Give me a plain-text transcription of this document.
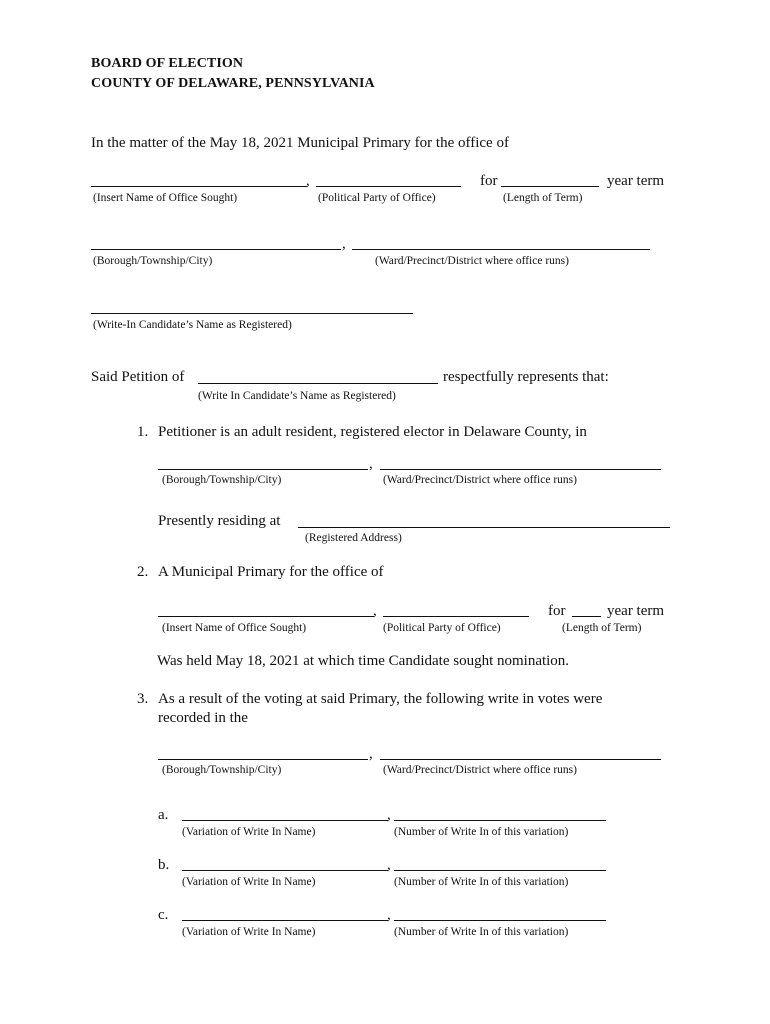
BOARD OF ELECTION
COUNTY OF DELAWARE, PENNSYLVANIA
In the matter of the May 18, 2021 Municipal Primary for the office of
,	for	year term
(Insert Name of Office Sought)	(Political Party of Office)	(Length of Term)
,
(Borough/Township/City)	(Ward/Precinct/District where office runs)
(Write-In Candidate’s Name as Registered)
Said Petition of	respectfully represents that:
(Write In Candidate’s Name as Registered)
1. Petitioner is an adult resident, registered elector in Delaware County, in
,
(Borough/Township/City)	(Ward/Precinct/District where office runs)
Presently residing at
(Registered Address)
2. A Municipal Primary for the office of
,	for	year term
(Insert Name of Office Sought)	(Political Party of Office)	(Length of Term)
Was held May 18, 2021 at which time Candidate sought nomination.
3. As a result of the voting at said Primary, the following write in votes were
recorded in the
,
(Borough/Township/City)	(Ward/Precinct/District where office runs)
a.	,
(Variation of Write In Name)	(Number of Write In of this variation)
b.	,
(Variation of Write In Name)	(Number of Write In of this variation)
c.	,
(Variation of Write In Name)	(Number of Write In of this variation)
